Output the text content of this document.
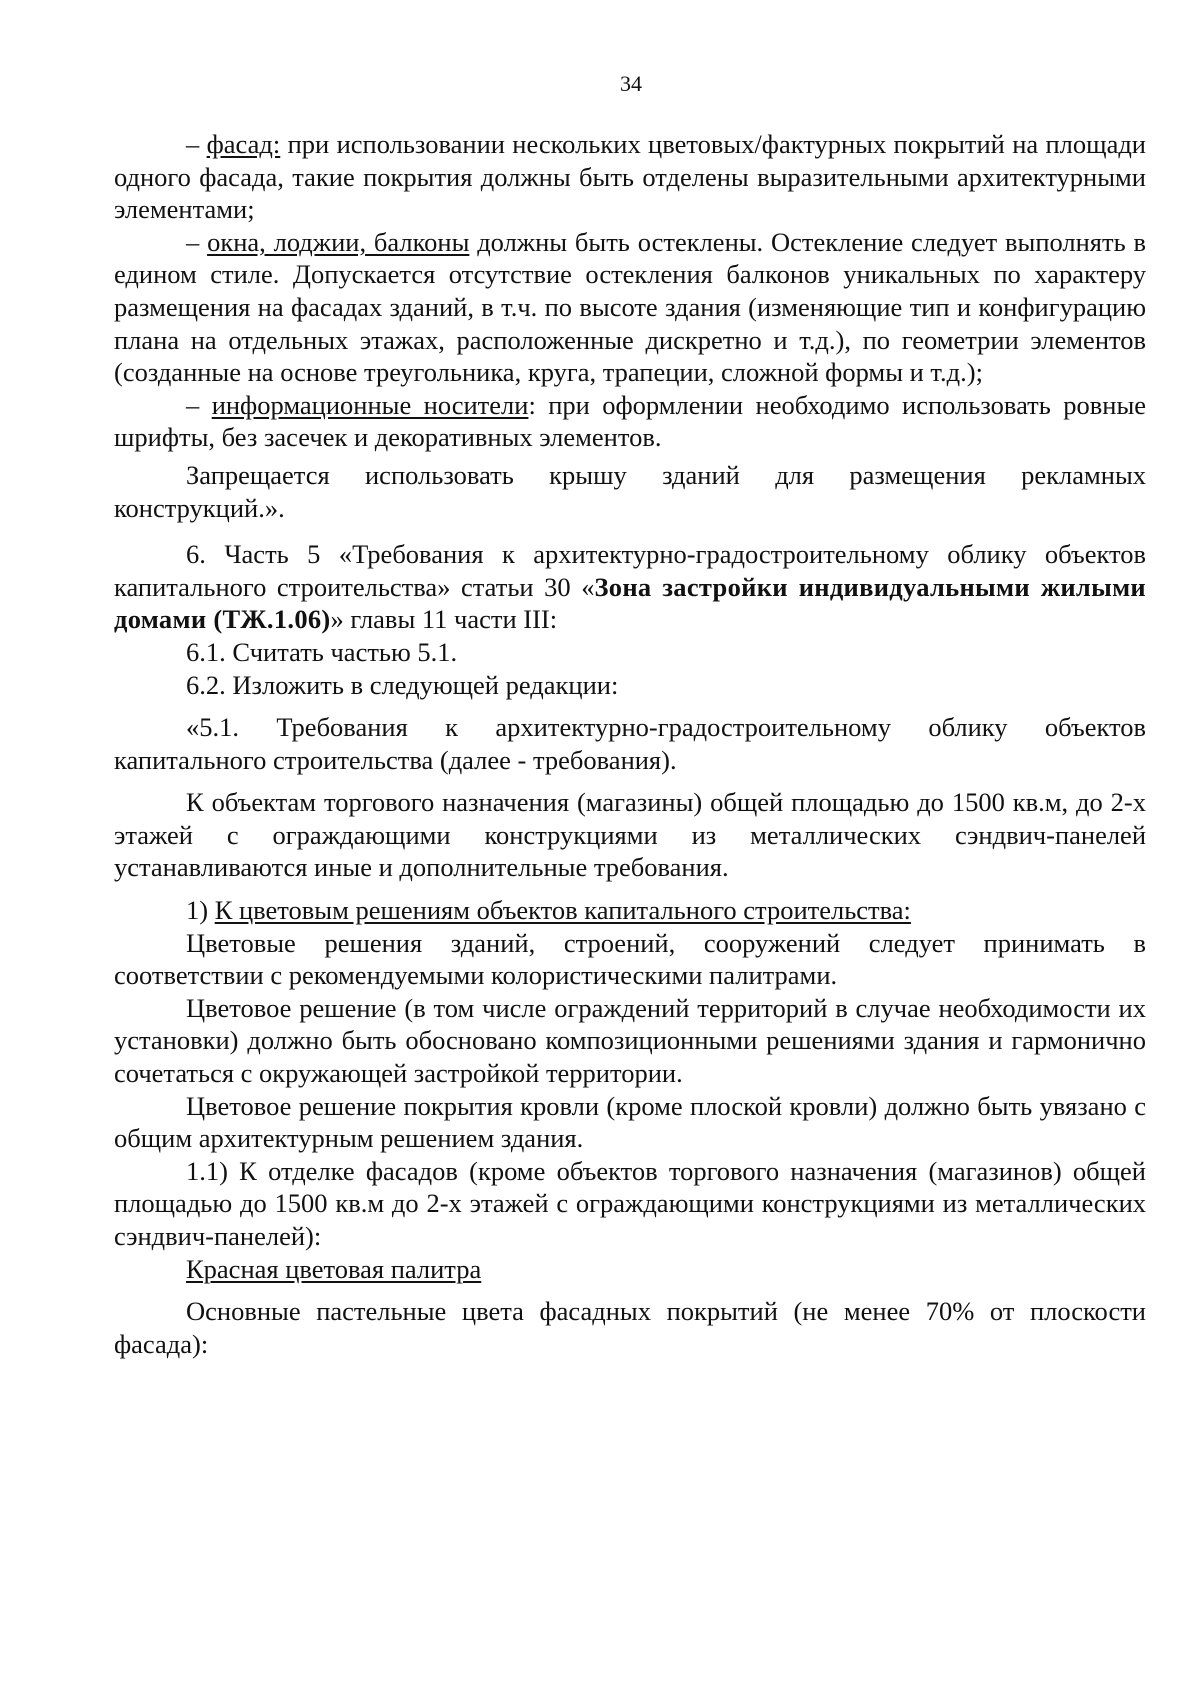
34

– фасад: при использовании нескольких цветовых/фактурных покрытий на площади одного фасада, такие покрытия должны быть отделены выразительными архитектурными элементами;

– окна, лоджии, балконы должны быть остеклены. Остекление следует выполнять в едином стиле. Допускается отсутствие остекления балконов уникальных по характеру размещения на фасадах зданий, в т.ч. по высоте здания (изменяющие тип и конфигурацию плана на отдельных этажах, расположенные дискретно и т.д.), по геометрии элементов (созданные на основе треугольника, круга, трапеции, сложной формы и т.д.);

– информационные носители: при оформлении необходимо использовать ровные шрифты, без засечек и декоративных элементов.

Запрещается использовать крышу зданий для размещения рекламных конструкций.».

6. Часть 5 «Требования к архитектурно-градостроительному облику объектов капитального строительства» статьи 30 «Зона застройки индивидуальными жилыми домами (ТЖ.1.06)» главы 11 части III:

6.1. Считать частью 5.1.

6.2. Изложить в следующей редакции:

«5.1. Требования к архитектурно-градостроительному облику объектов капитального строительства (далее - требования).

К объектам торгового назначения (магазины) общей площадью до 1500 кв.м, до 2-х этажей с ограждающими конструкциями из металлических сэндвич-панелей устанавливаются иные и дополнительные требования.

1) К цветовым решениям объектов капитального строительства:

Цветовые решения зданий, строений, сооружений следует принимать в соответствии с рекомендуемыми колористическими палитрами.

Цветовое решение (в том числе ограждений территорий в случае необходимости их установки) должно быть обосновано композиционными решениями здания и гармонично сочетаться с окружающей застройкой территории.

Цветовое решение покрытия кровли (кроме плоской кровли) должно быть увязано с общим архитектурным решением здания.

1.1) К отделке фасадов (кроме объектов торгового назначения (магазинов) общей площадью до 1500 кв.м до 2-х этажей с ограждающими конструкциями из металлических сэндвич-панелей):

Красная цветовая палитра

Основные пастельные цвета фасадных покрытий (не менее 70% от плоскости фасада):
